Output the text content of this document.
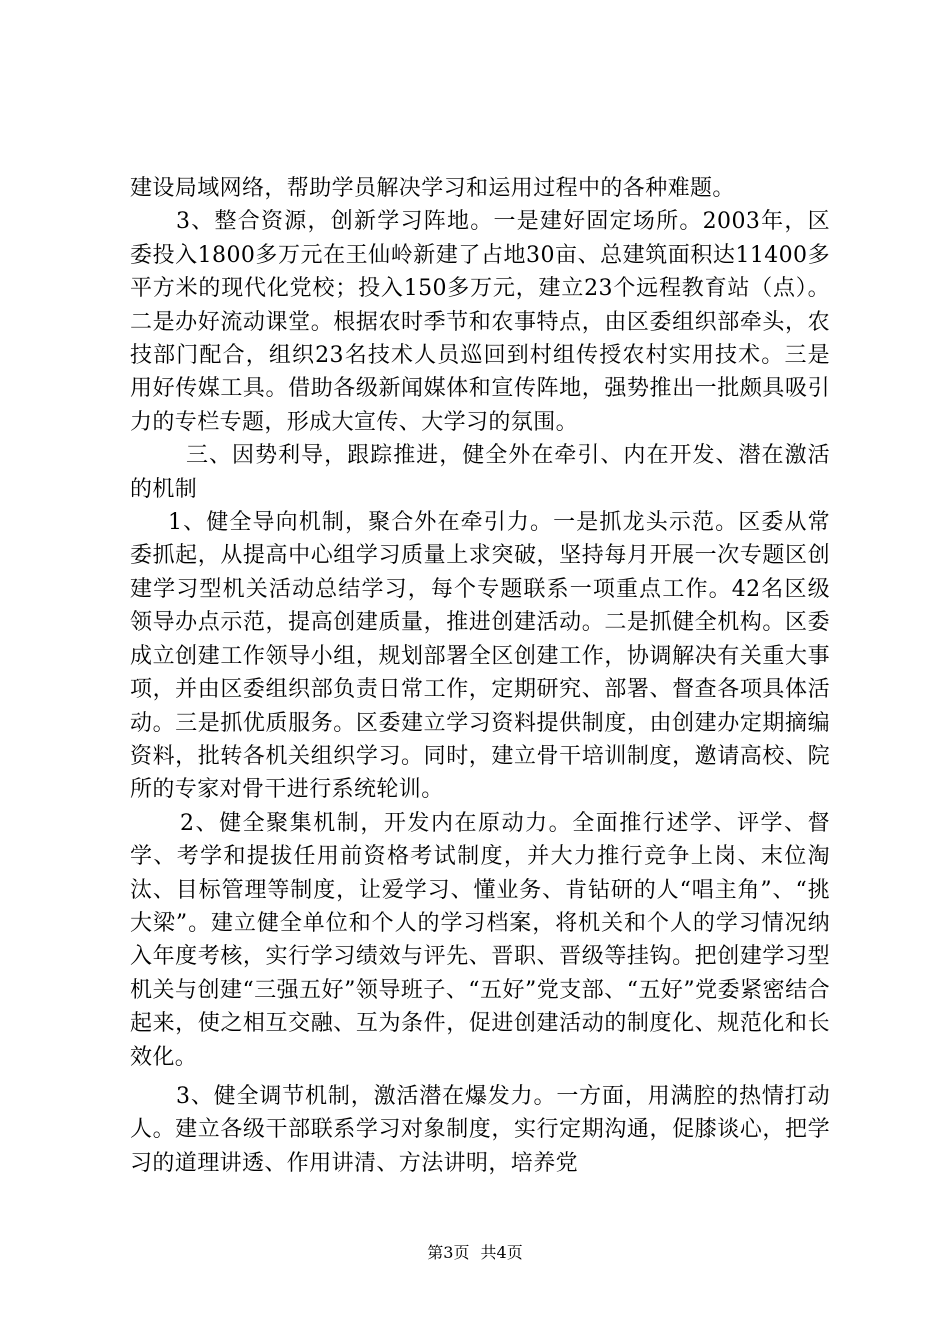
建设局域网络，帮助学员解决学习和运用过程中的各种难题。

3、整合资源，创新学习阵地。一是建好固定场所。2003年，区委投入1800多万元在王仙岭新建了占地30亩、总建筑面积达11400多平方米的现代化党校；投入150多万元，建立23个远程教育站（点）。二是办好流动课堂。根据农时季节和农事特点，由区委组织部牵头，农技部门配合，组织23名技术人员巡回到村组传授农村实用技术。三是用好传媒工具。借助各级新闻媒体和宣传阵地，强势推出一批颇具吸引力的专栏专题，形成大宣传、大学习的氛围。

三、因势利导，跟踪推进，健全外在牵引、内在开发、潜在激活的机制

1、健全导向机制，聚合外在牵引力。一是抓龙头示范。区委从常委抓起，从提高中心组学习质量上求突破，坚持每月开展一次专题区创建学习型机关活动总结学习，每个专题联系一项重点工作。42名区级领导办点示范，提高创建质量，推进创建活动。二是抓健全机构。区委成立创建工作领导小组，规划部署全区创建工作，协调解决有关重大事项，并由区委组织部负责日常工作，定期研究、部署、督查各项具体活动。三是抓优质服务。区委建立学习资料提供制度，由创建办定期摘编资料，批转各机关组织学习。同时，建立骨干培训制度，邀请高校、院所的专家对骨干进行系统轮训。

2、健全聚集机制，开发内在原动力。全面推行述学、评学、督学、考学和提拔任用前资格考试制度，并大力推行竞争上岗、末位淘汰、目标管理等制度，让爱学习、懂业务、肯钻研的人“唱主角”、“挑大梁”。建立健全单位和个人的学习档案，将机关和个人的学习情况纳入年度考核，实行学习绩效与评先、晋职、晋级等挂钩。把创建学习型机关与创建“三强五好”领导班子、“五好”党支部、“五好”党委紧密结合起来，使之相互交融、互为条件，促进创建活动的制度化、规范化和长效化。

3、健全调节机制，激活潜在爆发力。一方面，用满腔的热情打动人。建立各级干部联系学习对象制度，实行定期沟通，促膝谈心，把学习的道理讲透、作用讲清、方法讲明，培养党

第3页 共4页
